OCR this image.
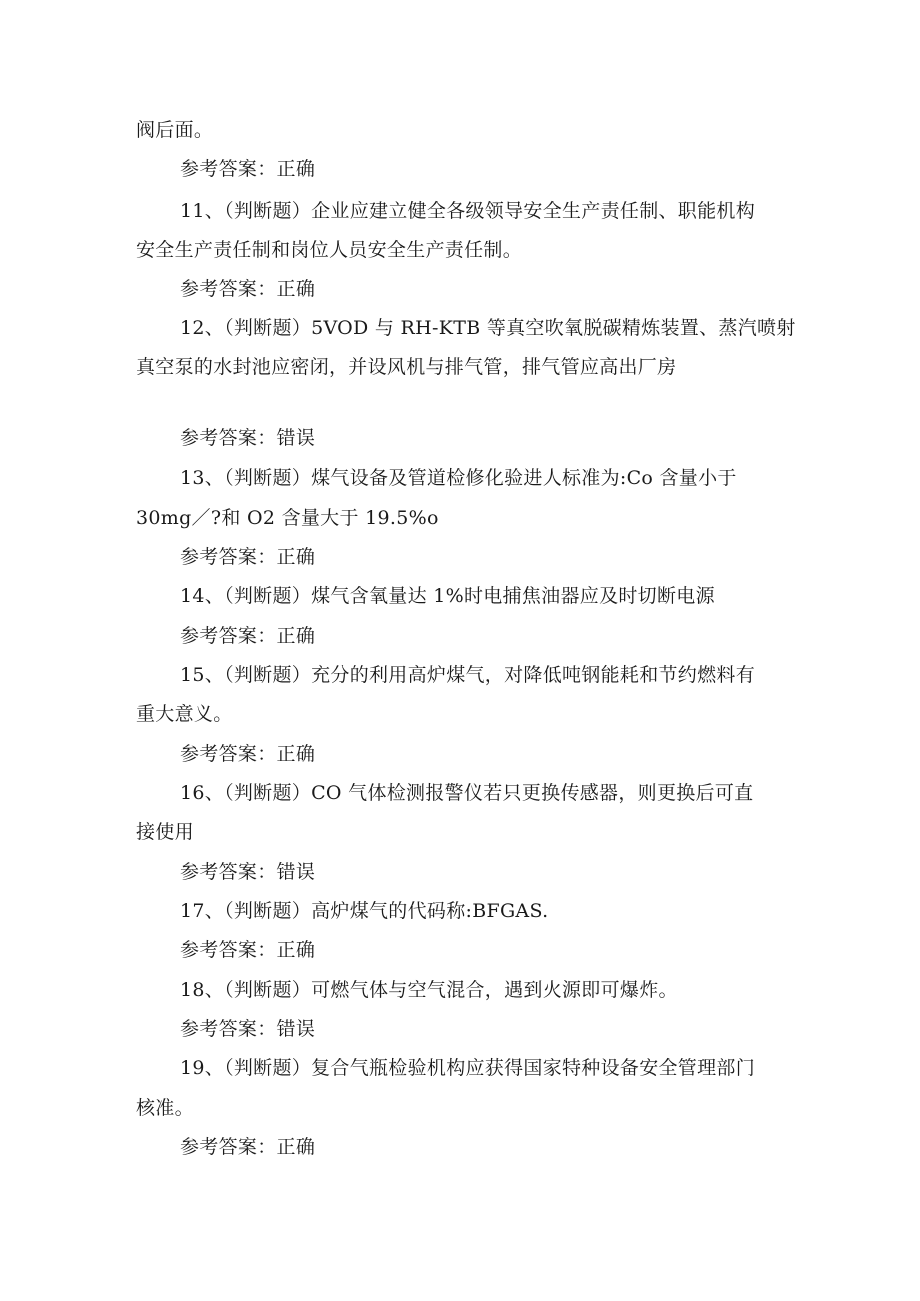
阀后面。
参考答案：正确
11、（判断题）企业应建立健全各级领导安全生产责任制、职能机构
安全生产责任制和岗位人员安全生产责任制。
参考答案：正确
12、（判断题）5VOD 与 RH-KTB 等真空吹氧脱碳精炼装置、蒸汽喷射
真空泵的水封池应密闭，并设风机与排气管，排气管应高出厂房
参考答案：错误
13、（判断题）煤气设备及管道检修化验进人标准为:Co 含量小于
30mg／?和 O2 含量大于 19.5%o
参考答案：正确
14、（判断题）煤气含氧量达 1%时电捕焦油器应及时切断电源
参考答案：正确
15、（判断题）充分的利用高炉煤气，对降低吨钢能耗和节约燃料有
重大意义。
参考答案：正确
16、（判断题）CO 气体检测报警仪若只更换传感器，则更换后可直
接使用
参考答案：错误
17、（判断题）高炉煤气的代码称:BFGAS.
参考答案：正确
18、（判断题）可燃气体与空气混合，遇到火源即可爆炸。
参考答案：错误
19、（判断题）复合气瓶检验机构应获得国家特种设备安全管理部门
核准。
参考答案：正确
